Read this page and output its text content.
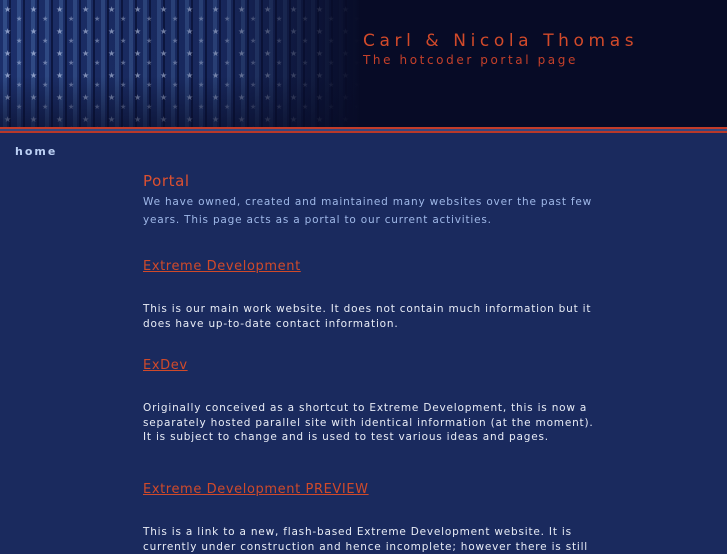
Carl & Nicola Thomas
The hotcoder portal page
home
Portal

We have owned, created and maintained many websites over the past few years. This page acts as a portal to our current activities.

Extreme Development

This is our main work website. It does not contain much information but it does have up-to-date contact information.

ExDev

Originally conceived as a shortcut to Extreme Development, this is now a separately hosted parallel site with identical information (at the moment). It is subject to change and is used to test various ideas and pages.

Extreme Development PREVIEW

This is a link to a new, flash-based Extreme Development website. It is currently under construction and hence incomplete; however there is still
